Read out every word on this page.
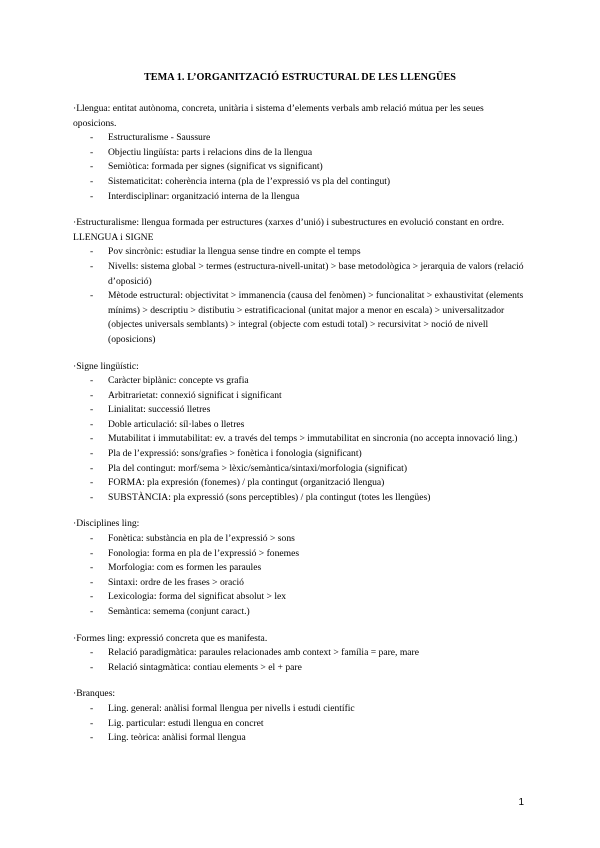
TEMA 1. L’ORGANITZACIÓ ESTRUCTURAL DE LES LLENGÜES

·Llengua: entitat autònoma, concreta, unitària i sistema d’elements verbals amb relació mútua per les seues oposicions.

- Estructuralisme - Saussure
- Objectiu lingüísta: parts i relacions dins de la llengua
- Semiòtica: formada per signes (significat vs significant)
- Sistematicitat: coherència interna (pla de l’expressió vs pla del contingut)
- Interdisciplinar: organització interna de la llengua

·Estructuralisme: llengua formada per estructures (xarxes d’unió) i subestructures en evolució constant en ordre. LLENGUA i SIGNE

- Pov sincrònic: estudiar la llengua sense tindre en compte el temps
- Nivells: sistema global > termes (estructura-nivell-unitat) > base metodològica > jerarquia de valors (relació d’oposició)
- Mètode estructural: objectivitat > immanencia (causa del fenòmen) > funcionalitat > exhaustivitat (elements mínims) > descriptiu > distibutiu > estratificacional (unitat major a menor en escala) > universalitzador (objectes universals semblants) > integral (objecte com estudi total) > recursivitat > noció de nivell (oposicions)

·Signe lingüístic:

- Caràcter biplànic: concepte vs grafia
- Arbitrarietat: connexió significat i significant
- Linialitat: successió lletres
- Doble articulació: síl·labes o lletres
- Mutabilitat i immutabilitat: ev. a través del temps > immutabilitat en sincronia (no accepta innovació ling.)
- Pla de l’expressió: sons/grafies > fonètica i fonologia (significant)
- Pla del contingut: morf/sema > lèxic/semàntica/sintaxi/morfologia (significat)
- FORMA: pla expresión (fonemes) / pla contingut (organització llengua)
- SUBSTÀNCIA: pla expressió (sons perceptibles) / pla contingut (totes les llengües)

·Disciplines ling:

- Fonètica: substància en pla de l’expressió > sons
- Fonologia: forma en pla de l’expressió > fonemes
- Morfologia: com es formen les paraules
- Sintaxi: ordre de les frases > oració
- Lexicologia: forma del significat absolut > lex
- Semàntica: semema (conjunt caract.)

·Formes ling: expressió concreta que es manifesta.

- Relació paradigmàtica: paraules relacionades amb context > família = pare, mare
- Relació sintagmàtica: contiau elements > el + pare

·Branques:

- Ling. general: anàlisi formal llengua per nivells i estudi científic
- Lig. particular: estudi llengua en concret
- Ling. teòrica: anàlisi formal llengua
1
